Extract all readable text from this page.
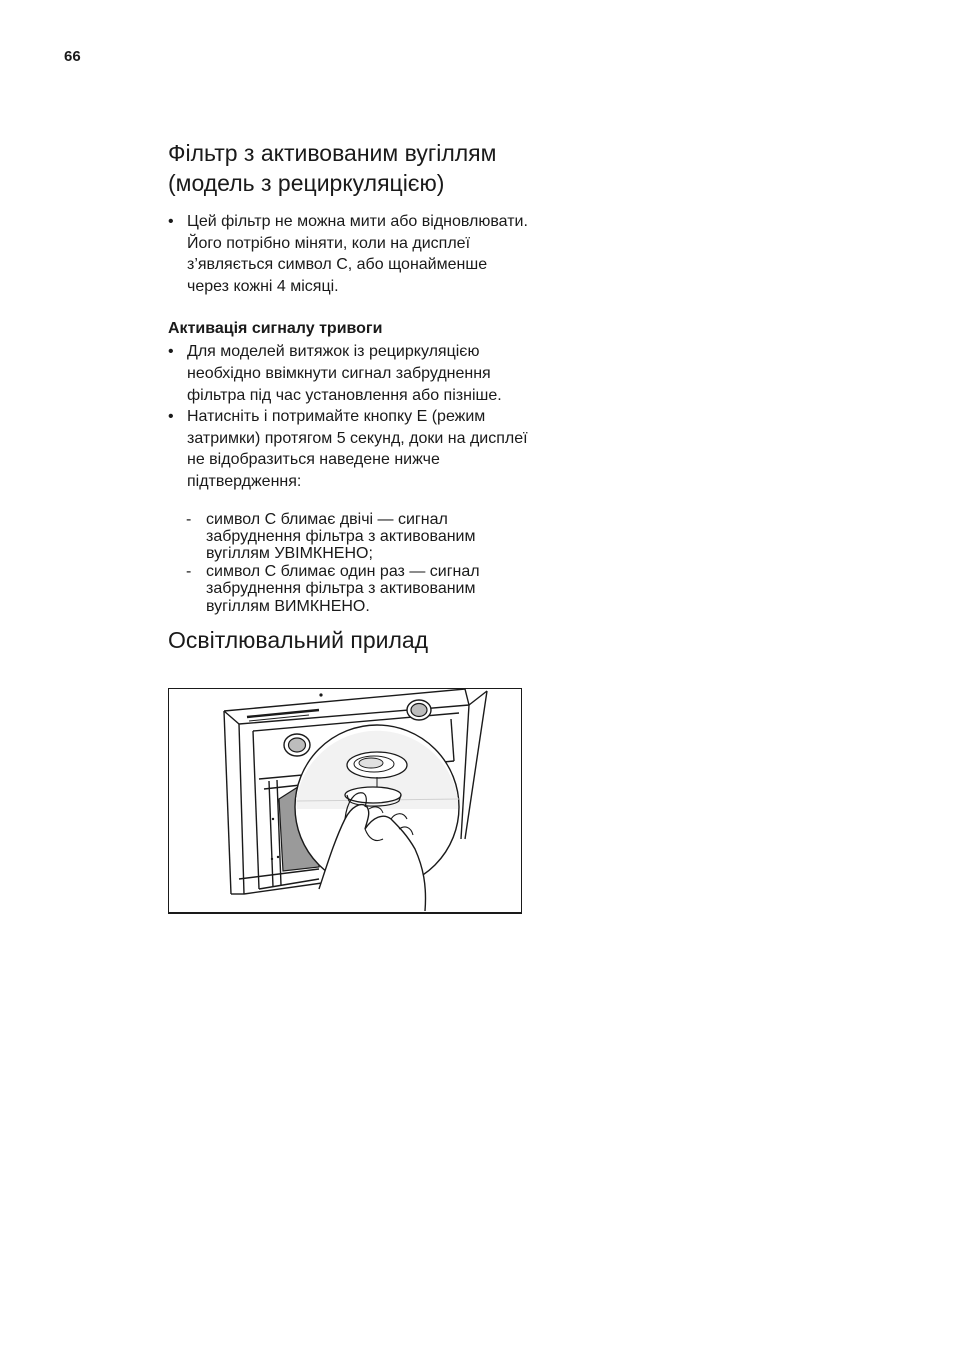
66
Фільтр з активованим вугіллям
(модель з рециркуляцією)
• Цей фільтр не можна мити або відновлювати. Його потрібно міняти, коли на дисплеї з’являється символ C, або щонайменше через кожні 4 місяці.
Активація сигналу тривоги
• Для моделей витяжок із рециркуляцією необхідно ввімкнути сигнал забруднення фільтра під час установлення або пізніше.
• Натисніть і потримайте кнопку E (режим затримки) протягом 5 секунд, доки на дисплеї не відобразиться наведене нижче підтвердження:
- символ C блимає двічі — сигнал забруднення фільтра з активованим вугіллям УВІМКНЕНО;
- символ C блимає один раз — сигнал забруднення фільтра з активованим вугіллям ВИМКНЕНО.
Освітлювальний прилад
